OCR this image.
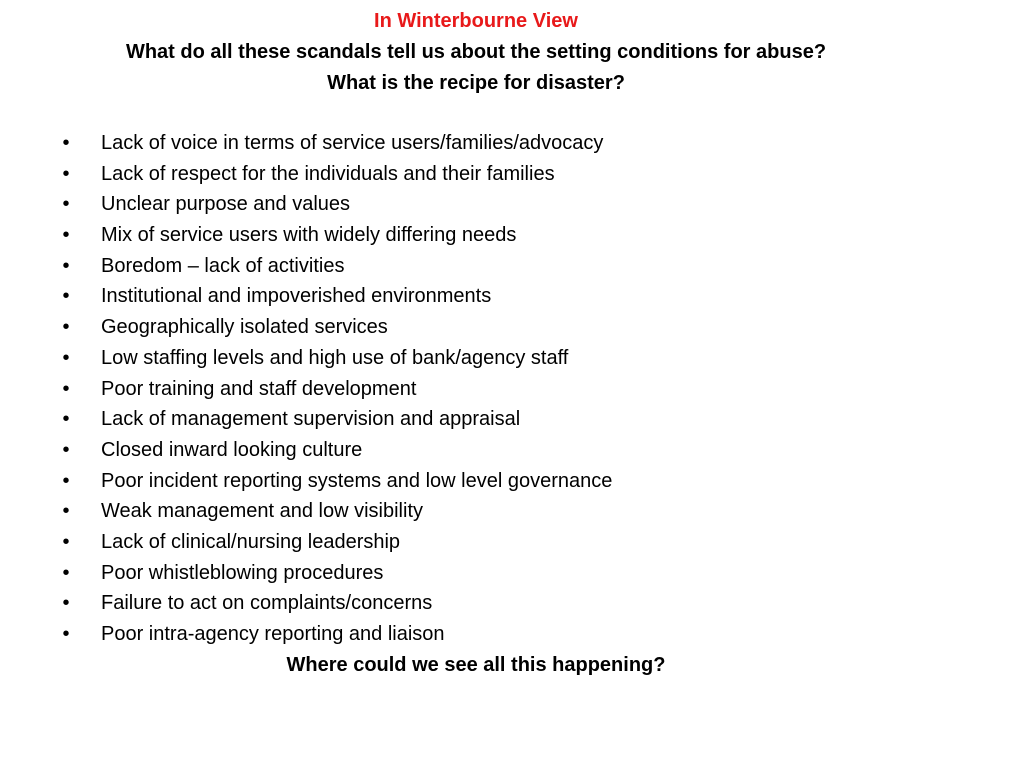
In Winterbourne View
What do all these scandals tell us about the setting conditions for abuse?
What is the recipe for disaster?
• Lack of voice in terms of service users/families/advocacy
• Lack of respect for the individuals and their families
• Unclear purpose and values
• Mix of service users with widely differing needs
• Boredom – lack of activities
• Institutional and impoverished environments
• Geographically isolated services
• Low staffing levels and high use of bank/agency staff
• Poor training and staff development
• Lack of management supervision and appraisal
• Closed inward looking culture
• Poor incident reporting systems and low level governance
• Weak management and low visibility
• Lack of clinical/nursing leadership
• Poor whistleblowing procedures
• Failure to act on complaints/concerns
• Poor intra-agency reporting and liaison
Where could we see all this happening?
